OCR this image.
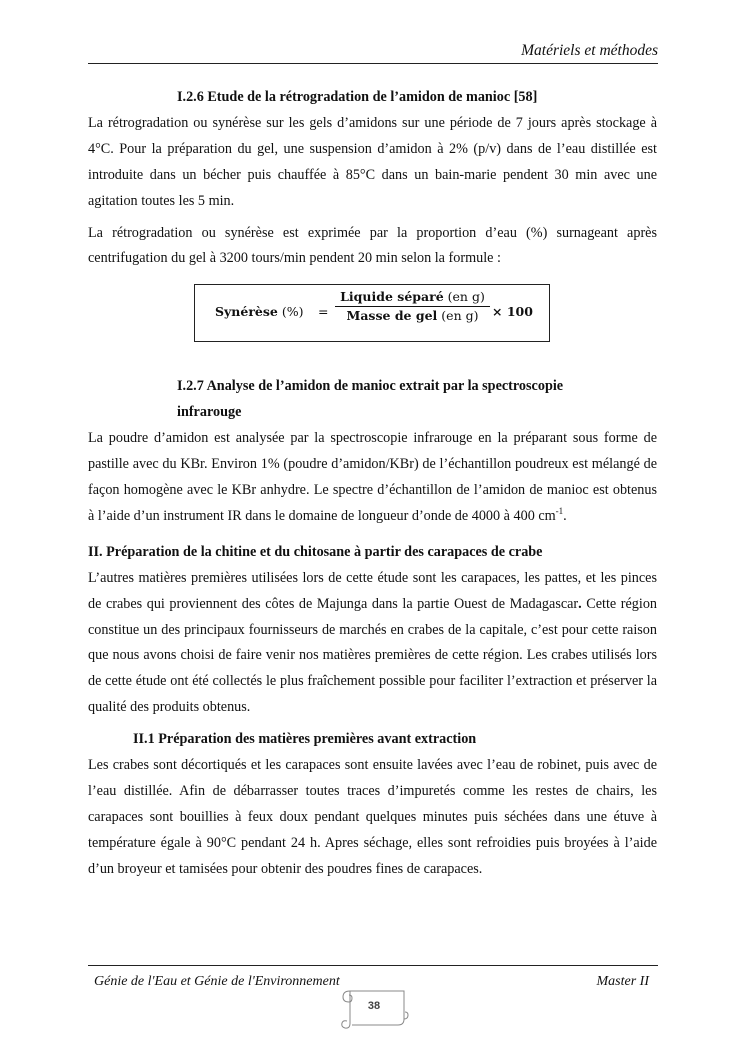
Matériels et méthodes

I.2.6 Etude de la rétrogradation de l’amidon de manioc [58]

La rétrogradation ou synérèse sur les gels d’amidons sur une période de 7 jours après stockage à 4°C. Pour la préparation du gel, une suspension d’amidon à 2% (p/v) dans de l’eau distillée est introduite dans un bécher puis chauffée à 85°C dans un bain-marie pendent 30 min avec une agitation toutes les 5 min.

La rétrogradation ou synérèse est exprimée par la proportion d’eau (%) surnageant après centrifugation du gel à 3200 tours/min pendent 20 min selon la formule :

Synérèse (%) =
Liquide séparé (en g)
Masse de gel (en g)	× 100

I.2.7 Analyse de l’amidon de manioc extrait par la spectroscopie

infrarouge

La poudre d’amidon est analysée par la spectroscopie infrarouge en la préparant sous forme de pastille avec du KBr. Environ 1% (poudre d’amidon/KBr) de l’échantillon poudreux est mélangé de façon homogène avec le KBr anhydre. Le spectre d’échantillon de l’amidon de manioc est obtenus à l’aide d’un instrument IR dans le domaine de longueur d’onde de 4000 à 400 $cm^{-1}$.

II. Préparation de la chitine et du chitosane à partir des carapaces de crabe

L’autres matières premières utilisées lors de cette étude sont les carapaces, les pattes, et les pinces de crabes qui proviennent des côtes de Majunga dans la partie Ouest de Madagascar. Cette région constitue un des principaux fournisseurs de marchés en crabes de la capitale, c’est pour cette raison que nous avons choisi de faire venir nos matières premières de cette région. Les crabes utilisés lors de cette étude ont été collectés le plus fraîchement possible pour faciliter l’extraction et préserver la qualité des produits obtenus.

II.1 Préparation des matières premières avant extraction

Les crabes sont décortiqués et les carapaces sont ensuite lavées avec l’eau de robinet, puis avec de l’eau distillée. Afin de débarrasser toutes traces d’impuretés comme les restes de chairs, les carapaces sont bouillies à feux doux pendant quelques minutes puis séchées dans une étuve à température égale à 90°C pendant 24 h. Apres séchage, elles sont refroidies puis broyées à l’aide d’un broyeur et tamisées pour obtenir des poudres fines de carapaces.

Génie de l'Eau et Génie de l'Environnement	Master II
38
